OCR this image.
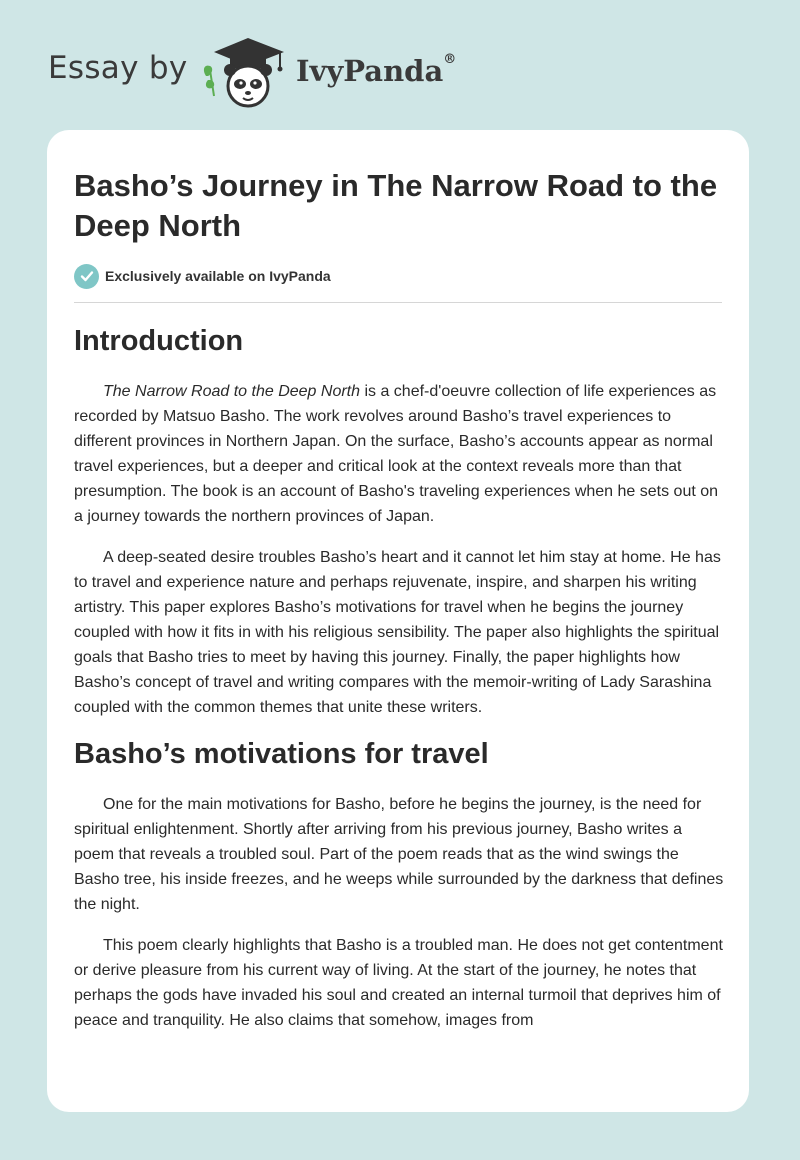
Essay by	IvyPanda®
Basho’s Journey in The Narrow Road to the Deep North
Exclusively available on IvyPanda
Introduction

The Narrow Road to the Deep North is a chef-d'oeuvre collection of life experiences as recorded by Matsuo Basho. The work revolves around Basho’s travel experiences to different provinces in Northern Japan. On the surface, Basho’s accounts appear as normal travel experiences, but a deeper and critical look at the context reveals more than that presumption. The book is an account of Basho's traveling experiences when he sets out on a journey towards the northern provinces of Japan.

A deep-seated desire troubles Basho’s heart and it cannot let him stay at home. He has to travel and experience nature and perhaps rejuvenate, inspire, and sharpen his writing artistry. This paper explores Basho’s motivations for travel when he begins the journey coupled with how it fits in with his religious sensibility. The paper also highlights the spiritual goals that Basho tries to meet by having this journey. Finally, the paper highlights how Basho’s concept of travel and writing compares with the memoir-writing of Lady Sarashina coupled with the common themes that unite these writers.

Basho’s motivations for travel

One for the main motivations for Basho, before he begins the journey, is the need for spiritual enlightenment. Shortly after arriving from his previous journey, Basho writes a poem that reveals a troubled soul. Part of the poem reads that as the wind swings the Basho tree, his inside freezes, and he weeps while surrounded by the darkness that defines the night.

This poem clearly highlights that Basho is a troubled man. He does not get contentment or derive pleasure from his current way of living. At the start of the journey, he notes that perhaps the gods have invaded his soul and created an internal turmoil that deprives him of peace and tranquility. He also claims that somehow, images from
